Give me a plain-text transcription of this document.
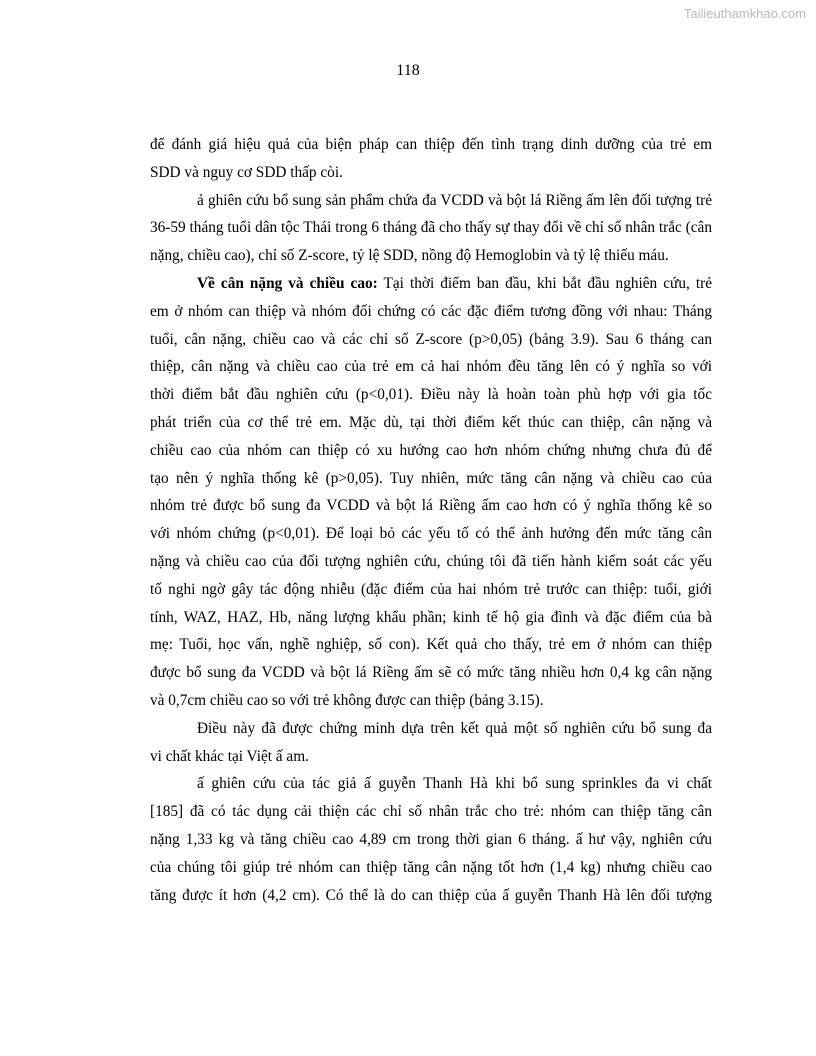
Tailieuthamkhao.com
118
để đánh giá hiệu quả của biện pháp can thiệp đến tình trạng dinh dưỡng của trẻ em
SDD và nguy cơ SDD thấp còi.
ả ghiên cứu bổ sung sản phẩm chứa đa VCDD và bột lá Riềng ấm lên đối tượng trẻ
36-59 tháng tuổi dân tộc Thái trong 6 tháng đã cho thấy sự thay đổi về chỉ số nhân trắc (cân
nặng, chiều cao), chỉ số Z-score, tỷ lệ SDD, nồng độ Hemoglobin và tỷ lệ thiếu máu.
Về cân nặng và chiều cao: Tại thời điểm ban đầu, khi bắt đầu nghiên cứu, trẻ
em ở nhóm can thiệp và nhóm đối chứng có các đặc điểm tương đồng với nhau: Tháng
tuổi, cân nặng, chiều cao và các chỉ số Z-score (p>0,05) (bảng 3.9). Sau 6 tháng can
thiệp, cân nặng và chiều cao của trẻ em cả hai nhóm đều tăng lên có ý nghĩa so với
thời điểm bắt đầu nghiên cứu (p<0,01). Điều này là hoàn toàn phù hợp với gia tốc
phát triển của cơ thể trẻ em. Mặc dù, tại thời điểm kết thúc can thiệp, cân nặng và
chiều cao của nhóm can thiệp có xu hướng cao hơn nhóm chứng nhưng chưa đủ để
tạo nên ý nghĩa thống kê (p>0,05). Tuy nhiên, mức tăng cân nặng và chiều cao của
nhóm trẻ được bổ sung đa VCDD và bột lá Riềng ấm cao hơn có ý nghĩa thống kê so
với nhóm chứng (p<0,01). Để loại bỏ các yếu tố có thể ảnh hưởng đến mức tăng cân
nặng và chiều cao của đối tượng nghiên cứu, chúng tôi đã tiến hành kiểm soát các yếu
tố nghi ngờ gây tác động nhiễu (đặc điểm của hai nhóm trẻ trước can thiệp: tuổi, giới
tính, WAZ, HAZ, Hb, năng lượng khẩu phần; kinh tế hộ gia đình và đặc điểm của bà
mẹ: Tuổi, học vấn, nghề nghiệp, số con). Kết quả cho thấy, trẻ em ở nhóm can thiệp
được bổ sung đa VCDD và bột lá Riềng ấm sẽ có mức tăng nhiều hơn 0,4 kg cân nặng
và 0,7cm chiều cao so với trẻ không được can thiệp (bảng 3.15).
Điều này đã được chứng minh dựa trên kết quả một số nghiên cứu bổ sung đa
vi chất khác tại Việt ấ am.
ấ ghiên cứu của tác giả ấ guyễn Thanh Hà khi bổ sung sprinkles đa vi chất
[185] đã có tác dụng cải thiện các chỉ số nhân trắc cho trẻ: nhóm can thiệp tăng cân
nặng 1,33 kg và tăng chiều cao 4,89 cm trong thời gian 6 tháng. ấ hư vậy, nghiên cứu
của chúng tôi giúp trẻ nhóm can thiệp tăng cân nặng tốt hơn (1,4 kg) nhưng chiều cao
tăng được ít hơn (4,2 cm). Có thể là do can thiệp của ấ guyễn Thanh Hà lên đối tượng
